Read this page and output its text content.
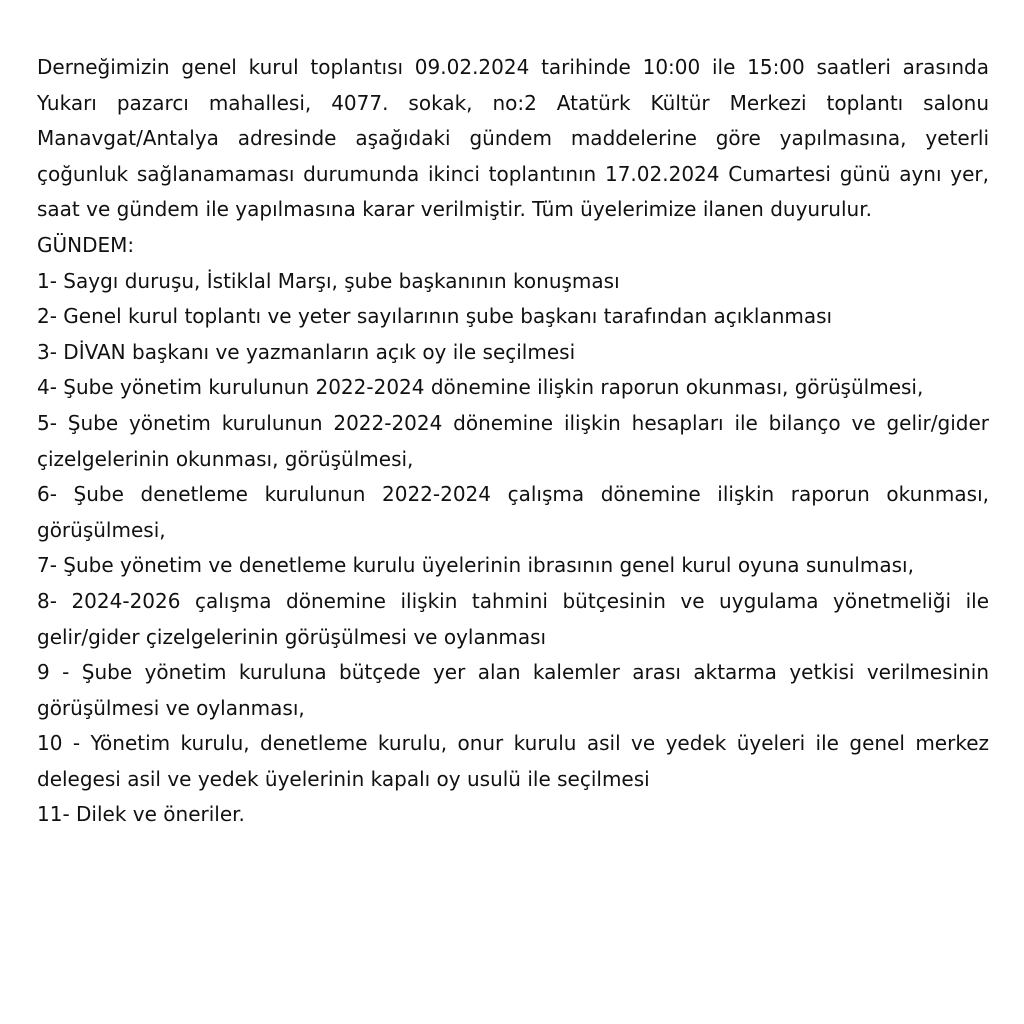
Derneğimizin genel kurul toplantısı 09.02.2024 tarihinde 10:00 ile 15:00 saatleri arasında Yukarı pazarcı mahallesi, 4077. sokak, no:2 Atatürk Kültür Merkezi toplantı salonu Manavgat/Antalya adresinde aşağıdaki gündem maddelerine göre yapılmasına, yeterli çoğunluk sağlanamaması durumunda ikinci toplantının 17.02.2024 Cumartesi günü aynı yer, saat ve gündem ile yapılmasına karar verilmiştir. Tüm üyelerimize ilanen duyurulur.

GÜNDEM:

1- Saygı duruşu, İstiklal Marşı, şube başkanının konuşması
2- Genel kurul toplantı ve yeter sayılarının şube başkanı tarafından açıklanması
3- DİVAN başkanı ve yazmanların açık oy ile seçilmesi
4- Şube yönetim kurulunun 2022-2024 dönemine ilişkin raporun okunması, görüşülmesi,
5- Şube yönetim kurulunun 2022-2024 dönemine ilişkin hesapları ile bilanço ve gelir/gider çizelgelerinin okunması, görüşülmesi,
6- Şube denetleme kurulunun 2022-2024 çalışma dönemine ilişkin raporun okunması, görüşülmesi,
7- Şube yönetim ve denetleme kurulu üyelerinin ibrasının genel kurul oyuna sunulması,
8- 2024-2026 çalışma dönemine ilişkin tahmini bütçesinin ve uygulama yönetmeliği ile gelir/gider çizelgelerinin görüşülmesi ve oylanması
9 - Şube yönetim kuruluna bütçede yer alan kalemler arası aktarma yetkisi verilmesinin görüşülmesi ve oylanması,
10 - Yönetim kurulu, denetleme kurulu, onur kurulu asil ve yedek üyeleri ile genel merkez delegesi asil ve yedek üyelerinin kapalı oy usulü ile seçilmesi
11- Dilek ve öneriler.
